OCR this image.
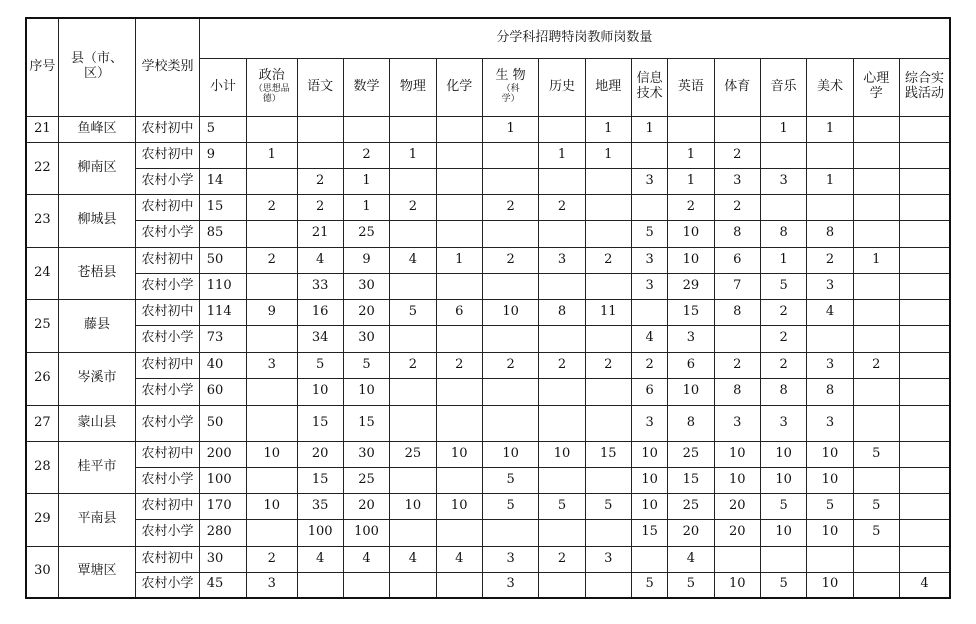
序号	县（市、
区）	学校类别	分学科招聘特岗教师岗数量															
			小计	政治
（思想品
德）	语文	数学	物理	化学	生 物
（科
学）	历史	地理	信息
技术	英语	体育	音乐	美术	心理
学	综合实
践活动

21	鱼峰区	农村初中	5						1		1	1			1	1		
22	柳南区	农村初中	9	1		2	1			1	1		1	2				
		农村小学	14		2	1						3	1	3	3	1		
23	柳城县	农村初中	15	2	2	1	2		2	2			2	2				
		农村小学	85		21	25						5	10	8	8	8		
24	苍梧县	农村初中	50	2	4	9	4	1	2	3	2	3	10	6	1	2	1	
		农村小学	110		33	30						3	29	7	5	3		
25	藤县	农村初中	114	9	16	20	5	6	10	8	11		15	8	2	4		
		农村小学	73		34	30						4	3		2			
26	岑溪市	农村初中	40	3	5	5	2	2	2	2	2	2	6	2	2	3	2	
		农村小学	60		10	10						6	10	8	8	8		
27	蒙山县	农村小学	50		15	15						3	8	3	3	3		
28	桂平市	农村初中	200	10	20	30	25	10	10	10	15	10	25	10	10	10	5	
		农村小学	100		15	25			5			10	15	10	10	10		
29	平南县	农村初中	170	10	35	20	10	10	5	5	5	10	25	20	5	5	5	
		农村小学	280		100	100						15	20	20	10	10	5	
30	覃塘区	农村初中	30	2	4	4	4	4	3	2	3		4					
		农村小学	45	3					3			5	5	10	5	10		4
